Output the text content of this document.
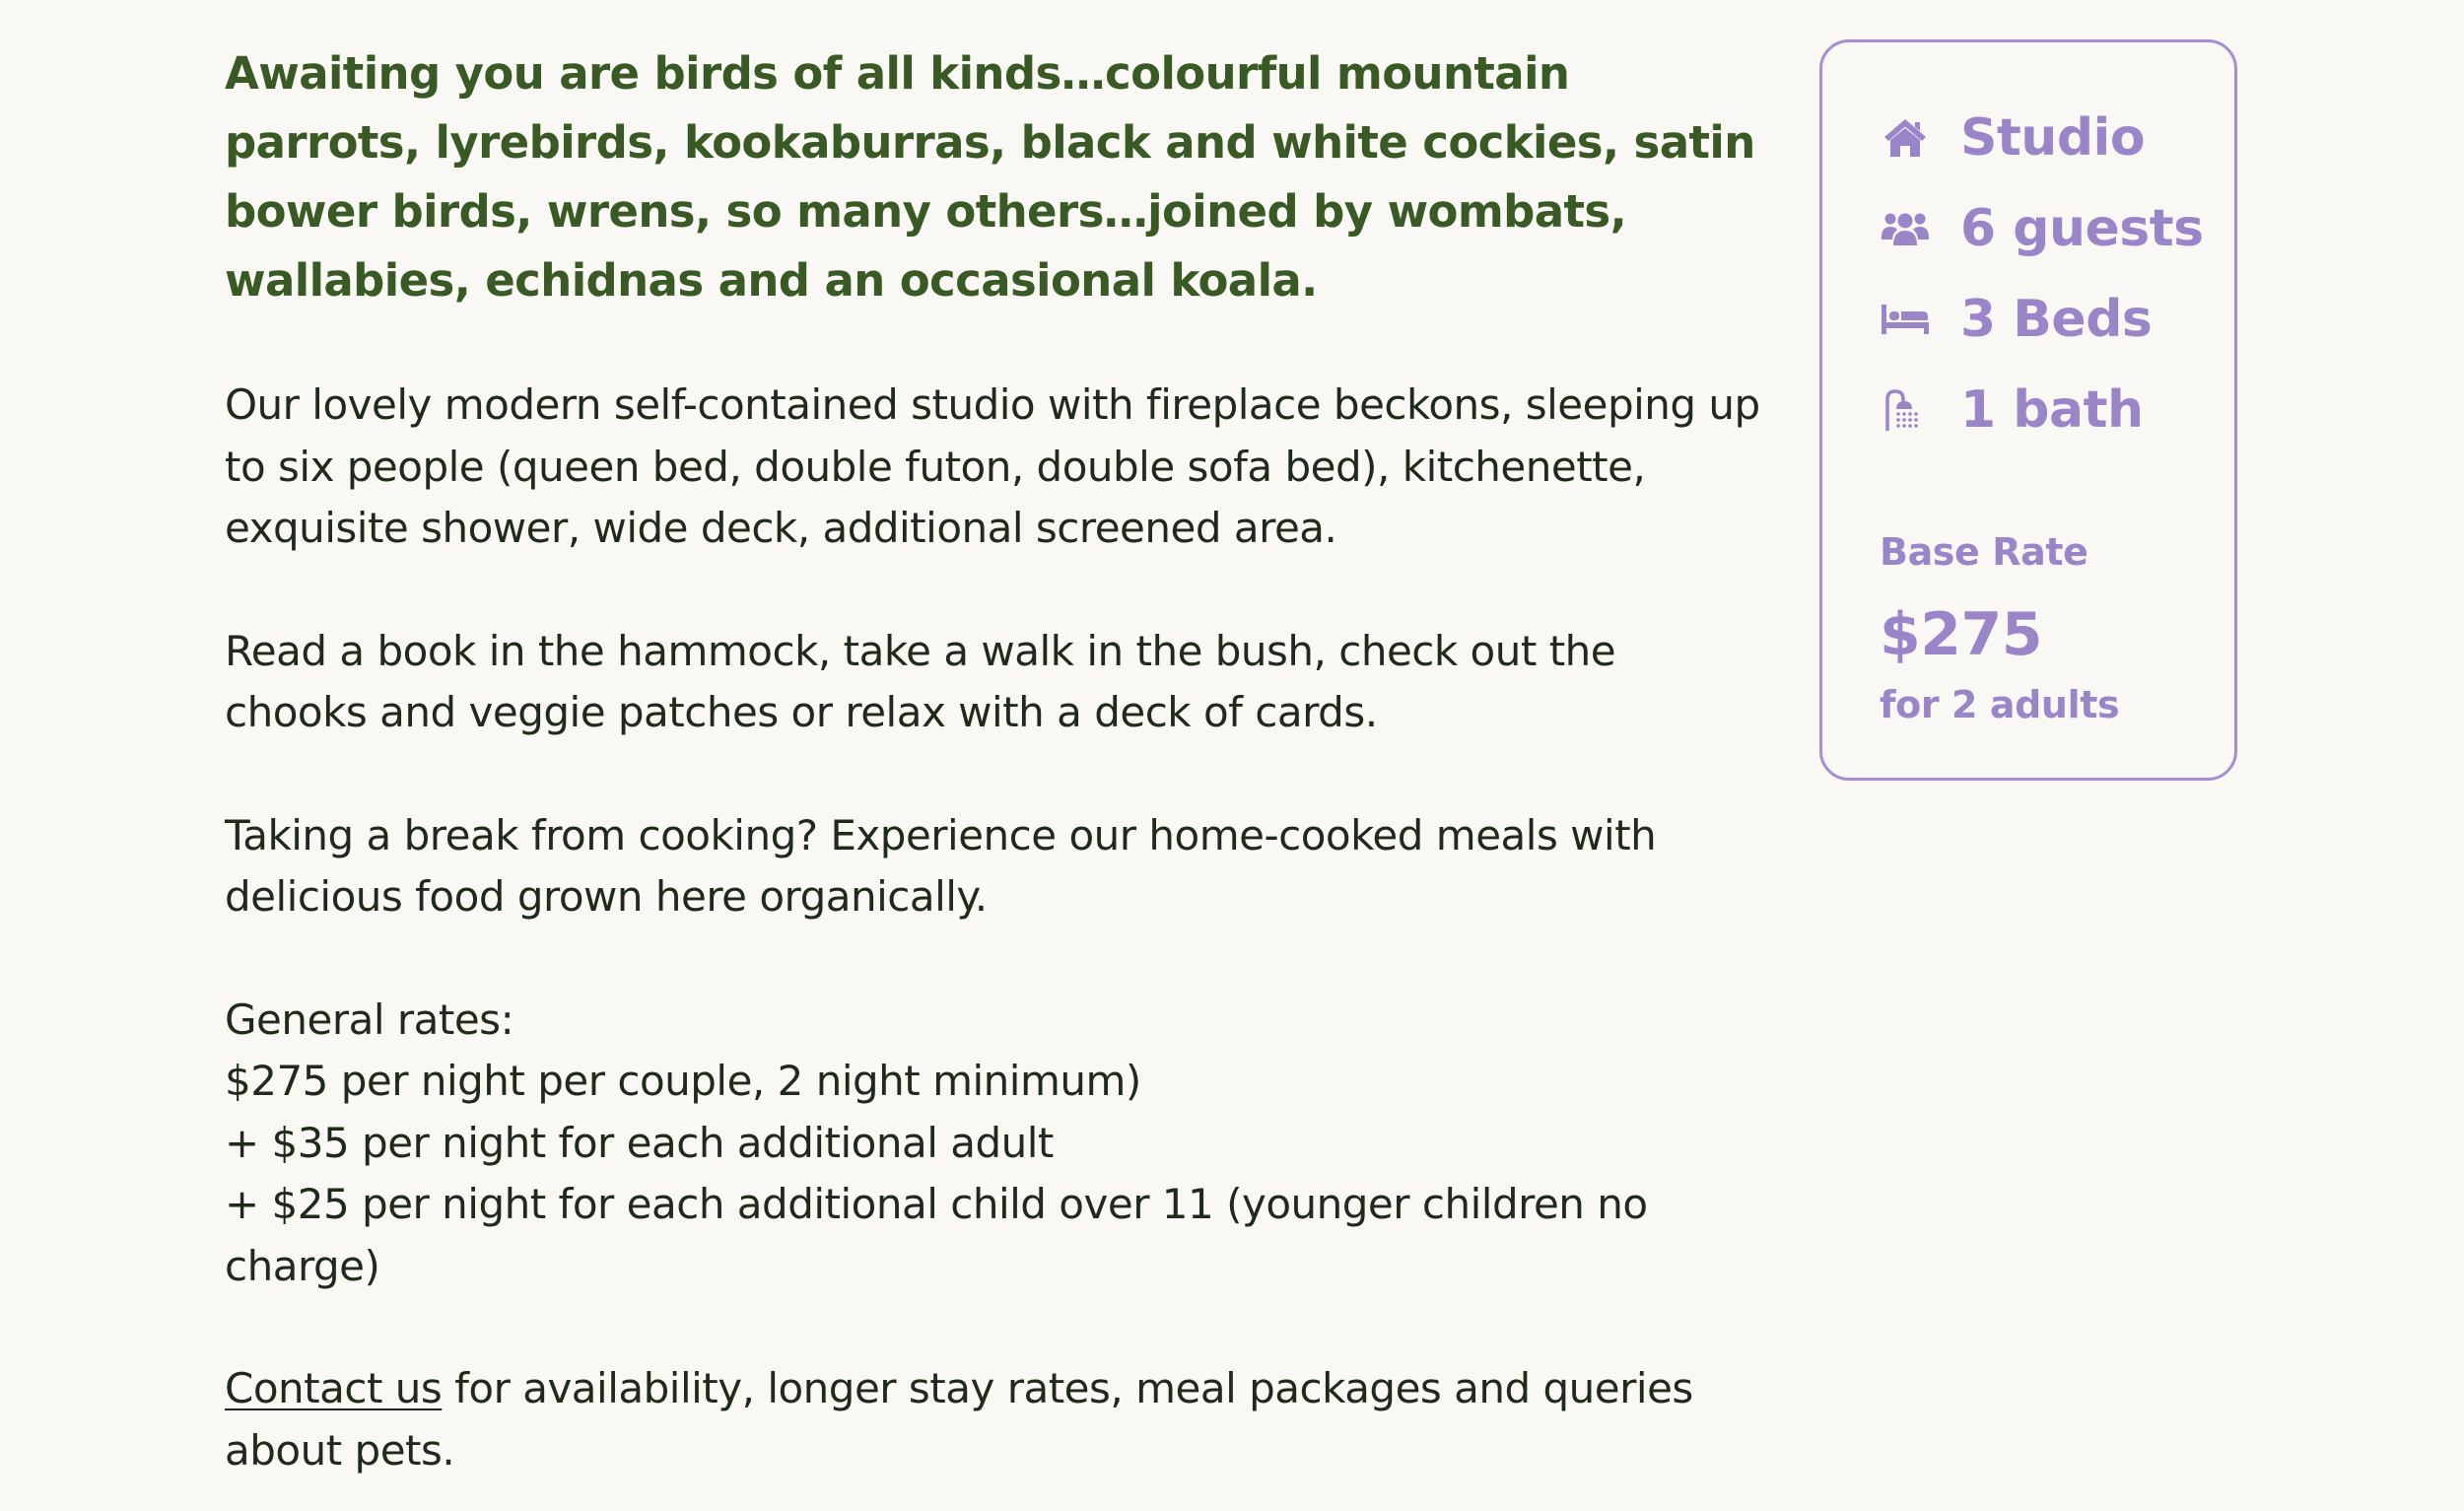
Awaiting you are birds of all kinds…colourful mountain parrots, lyrebirds, kookaburras, black and white cockies, satin bower birds, wrens, so many others…joined by wombats, wallabies, echidnas and an occasional koala.

Our lovely modern self-contained studio with fireplace beckons, sleeping up to six people (queen bed, double futon, double sofa bed), kitchenette, exquisite shower, wide deck, additional screened area.

Read a book in the hammock, take a walk in the bush, check out the chooks and veggie patches or relax with a deck of cards.

Taking a break from cooking? Experience our home-cooked meals with delicious food grown here organically.

General rates:
$275 per night per couple, 2 night minimum)
+ $35 per night for each additional adult
+ $25 per night for each additional child over 11 (younger children no charge)

Contact us for availability, longer stay rates, meal packages and queries about pets.

Studio
6 guests
3 Beds
1 bath
Base Rate
$275
for 2 adults
